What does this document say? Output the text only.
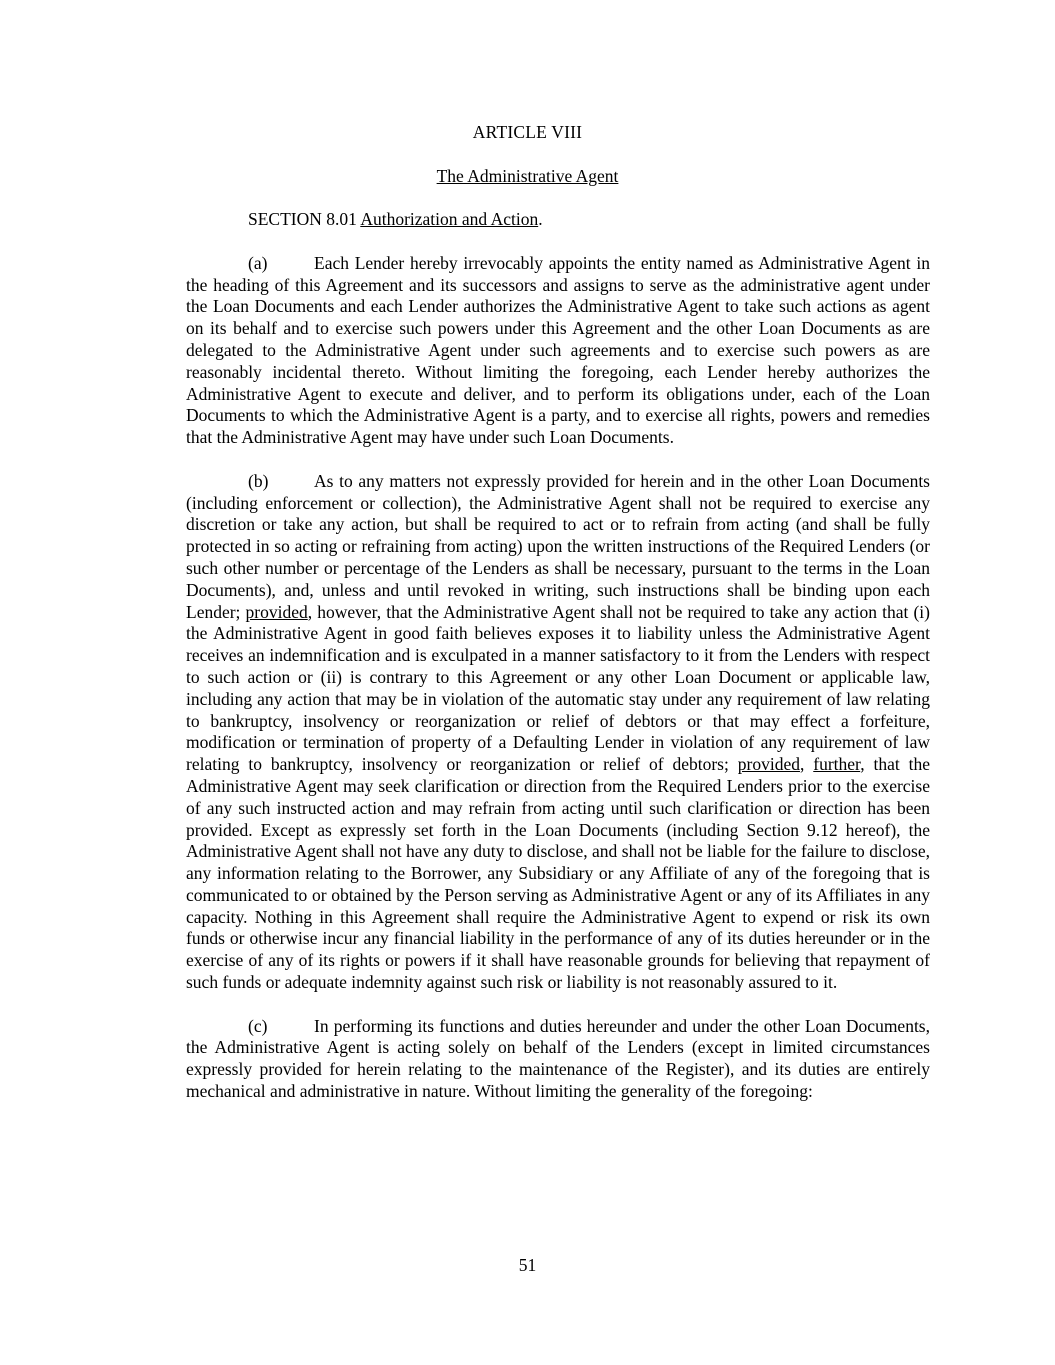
ARTICLE VIII
The Administrative Agent
SECTION 8.01 Authorization and Action.

(a)	Each Lender hereby irrevocably appoints the entity named as Administrative Agent in the heading of this Agreement and its successors and assigns to serve as the administrative agent under the Loan Documents and each Lender authorizes the Administrative Agent to take such actions as agent on its behalf and to exercise such powers under this Agreement and the other Loan Documents as are delegated to the Administrative Agent under such agreements and to exercise such powers as are reasonably incidental thereto. Without limiting the foregoing, each Lender hereby authorizes the Administrative Agent to execute and deliver, and to perform its obligations under, each of the Loan Documents to which the Administrative Agent is a party, and to exercise all rights, powers and remedies that the Administrative Agent may have under such Loan Documents.

(b)	As to any matters not expressly provided for herein and in the other Loan Documents (including enforcement or collection), the Administrative Agent shall not be required to exercise any discretion or take any action, but shall be required to act or to refrain from acting (and shall be fully protected in so acting or refraining from acting) upon the written instructions of the Required Lenders (or such other number or percentage of the Lenders as shall be necessary, pursuant to the terms in the Loan Documents), and, unless and until revoked in writing, such instructions shall be binding upon each Lender; provided, however, that the Administrative Agent shall not be required to take any action that (i) the Administrative Agent in good faith believes exposes it to liability unless the Administrative Agent receives an indemnification and is exculpated in a manner satisfactory to it from the Lenders with respect to such action or (ii) is contrary to this Agreement or any other Loan Document or applicable law, including any action that may be in violation of the automatic stay under any requirement of law relating to bankruptcy, insolvency or reorganization or relief of debtors or that may effect a forfeiture, modification or termination of property of a Defaulting Lender in violation of any requirement of law relating to bankruptcy, insolvency or reorganization or relief of debtors; provided, further, that the Administrative Agent may seek clarification or direction from the Required Lenders prior to the exercise of any such instructed action and may refrain from acting until such clarification or direction has been provided. Except as expressly set forth in the Loan Documents (including Section 9.12 hereof), the Administrative Agent shall not have any duty to disclose, and shall not be liable for the failure to disclose, any information relating to the Borrower, any Subsidiary or any Affiliate of any of the foregoing that is communicated to or obtained by the Person serving as Administrative Agent or any of its Affiliates in any capacity. Nothing in this Agreement shall require the Administrative Agent to expend or risk its own funds or otherwise incur any financial liability in the performance of any of its duties hereunder or in the exercise of any of its rights or powers if it shall have reasonable grounds for believing that repayment of such funds or adequate indemnity against such risk or liability is not reasonably assured to it.

(c)	In performing its functions and duties hereunder and under the other Loan Documents, the Administrative Agent is acting solely on behalf of the Lenders (except in limited circumstances expressly provided for herein relating to the maintenance of the Register), and its duties are entirely mechanical and administrative in nature. Without limiting the generality of the foregoing:

51
